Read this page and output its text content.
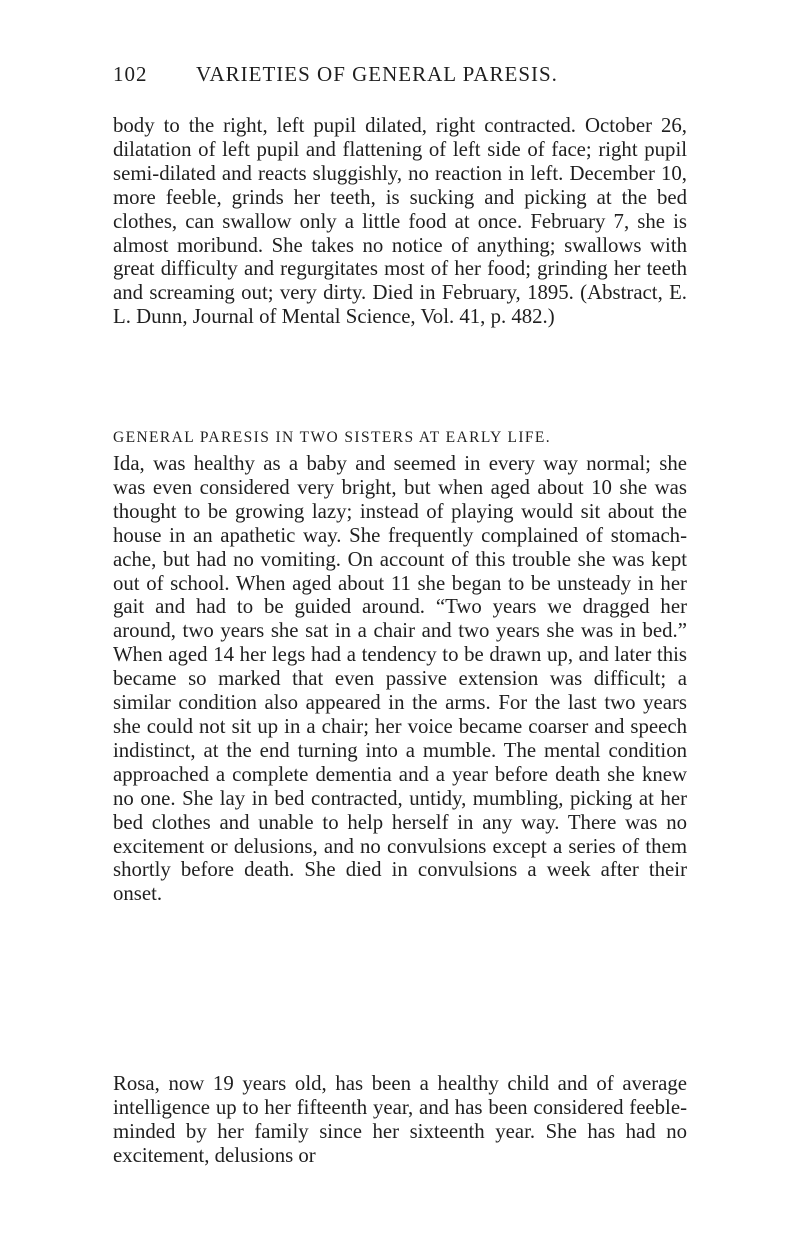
102 VARIETIES OF GENERAL PARESIS.

body to the right, left pupil dilated, right contracted. October 26, dilatation of left pupil and flattening of left side of face; right pupil semi-dilated and reacts sluggishly, no reaction in left. December 10, more feeble, grinds her teeth, is sucking and picking at the bed clothes, can swallow only a little food at once. February 7, she is almost moribund. She takes no notice of anything; swallows with great difficulty and regurgitates most of her food; grinding her teeth and screaming out; very dirty. Died in February, 1895. (Abstract, E. L. Dunn, Journal of Mental Science, Vol. 41, p. 482.)

GENERAL PARESIS IN TWO SISTERS AT EARLY LIFE.

Ida, was healthy as a baby and seemed in every way normal; she was even considered very bright, but when aged about 10 she was thought to be growing lazy; instead of playing would sit about the house in an apathetic way. She frequently complained of stomach-ache, but had no vomiting. On account of this trouble she was kept out of school. When aged about 11 she began to be unsteady in her gait and had to be guided around. “Two years we dragged her around, two years she sat in a chair and two years she was in bed.” When aged 14 her legs had a tendency to be drawn up, and later this became so marked that even passive extension was difficult; a similar condition also appeared in the arms. For the last two years she could not sit up in a chair; her voice became coarser and speech indistinct, at the end turning into a mumble. The mental condition approached a complete dementia and a year before death she knew no one. She lay in bed contracted, untidy, mumbling, picking at her bed clothes and unable to help herself in any way. There was no excitement or delusions, and no convulsions except a series of them shortly before death. She died in convulsions a week after their onset.

Rosa, now 19 years old, has been a healthy child and of average intelligence up to her fifteenth year, and has been considered feeble-minded by her family since her sixteenth year. She has had no excitement, delusions or
